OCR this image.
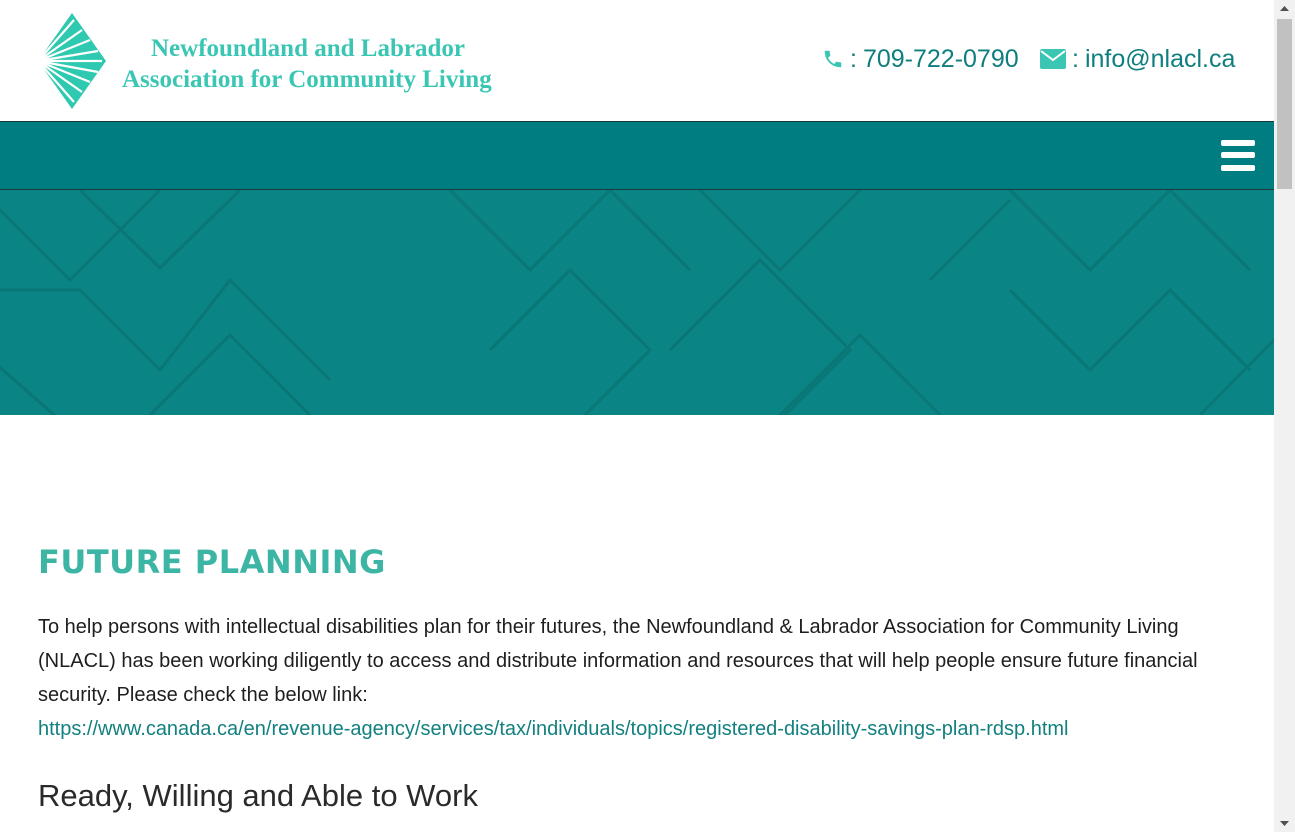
Newfoundland and Labrador
Association for Community Living
: 709-722-0790 : info@nlacl.ca
FUTURE PLANNING

To help persons with intellectual disabilities plan for their futures, the Newfoundland & Labrador Association for Community Living (NLACL) has been working diligently to access and distribute information and resources that will help people ensure future financial security. Please check the below link:

https://www.canada.ca/en/revenue-agency/services/tax/individuals/topics/registered-disability-savings-plan-rdsp.html
Ready, Willing and Able to Work
